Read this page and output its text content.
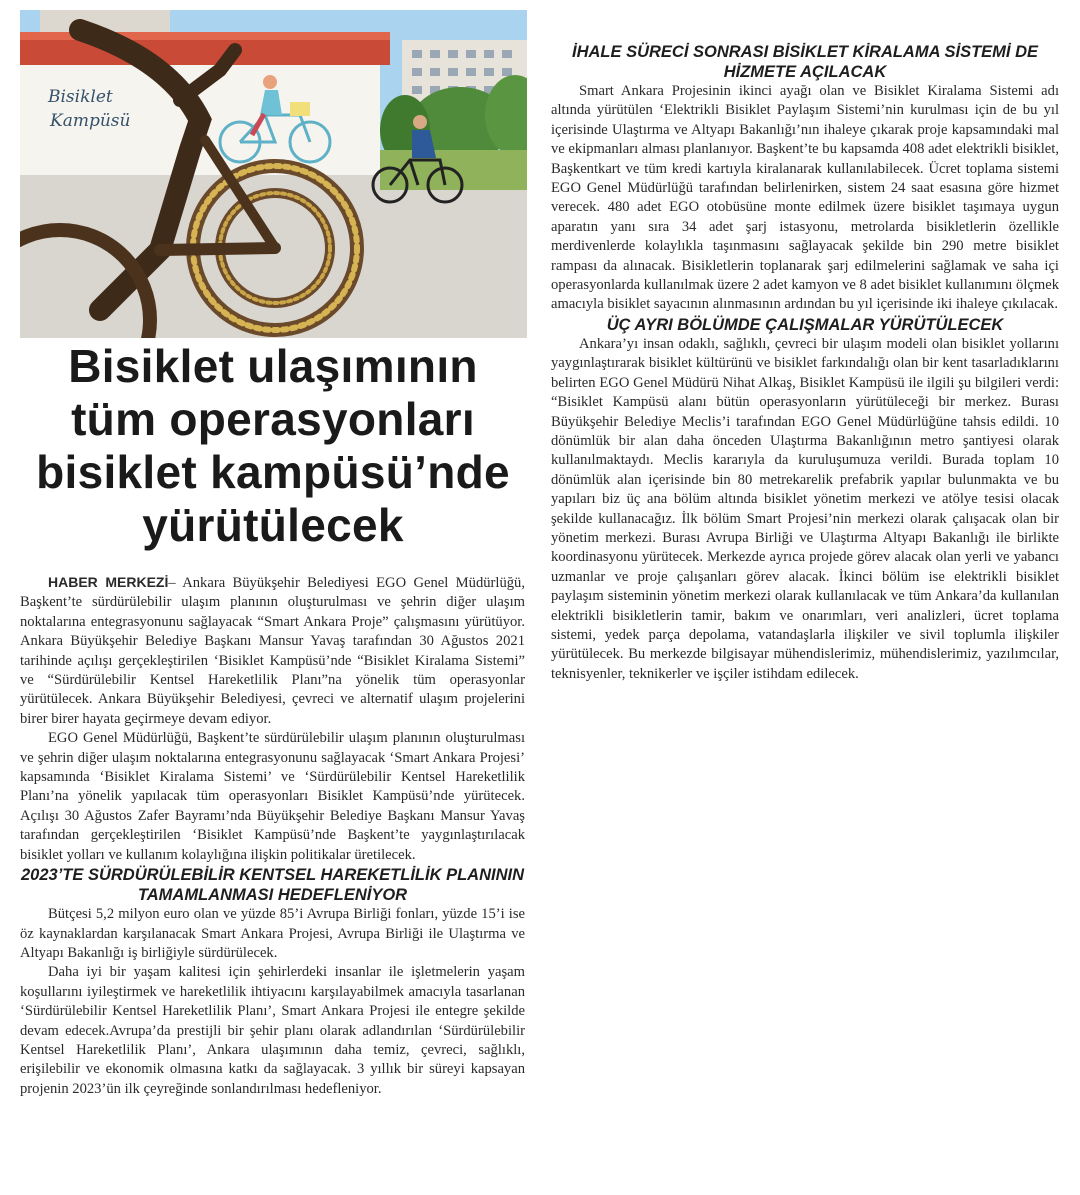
Bisiklet
Kampüsü
Bisiklet ulaşımının
tüm operasyonları
bisiklet kampüsü’nde
yürütülecek

HABER MERKEZİ– Ankara Büyükşehir Belediyesi EGO Genel Müdürlüğü, Başkent’te sürdürülebilir ulaşım planının oluşturulması ve şehrin diğer ulaşım noktalarına entegrasyonunu sağlayacak “Smart Ankara Proje” çalışmasını yürütüyor. Ankara Büyükşehir Belediye Başkanı Mansur Yavaş tarafından 30 Ağustos 2021 tarihinde açılışı gerçekleştirilen ‘Bisiklet Kampüsü’nde “Bisiklet Kiralama Sistemi” ve “Sürdürülebilir Kentsel Hareketlilik Planı”na yönelik tüm operasyonlar yürütülecek. Ankara Büyükşehir Belediyesi, çevreci ve alternatif ulaşım projelerini birer birer hayata geçirmeye devam ediyor.

EGO Genel Müdürlüğü, Başkent’te sürdürülebilir ulaşım planının oluşturulması ve şehrin diğer ulaşım noktalarına entegrasyonunu sağlayacak ‘Smart Ankara Projesi’ kapsamında ‘Bisiklet Kiralama Sistemi’ ve ‘Sürdürülebilir Kentsel Hareketlilik Planı’na yönelik yapılacak tüm operasyonları Bisiklet Kampüsü’nde yürütecek. Açılışı 30 Ağustos Zafer Bayramı’nda Büyükşehir Belediye Başkanı Mansur Yavaş tarafından gerçekleştirilen ‘Bisiklet Kampüsü’nde Başkent’te yaygınlaştırılacak bisiklet yolları ve kullanım kolaylığına ilişkin politikalar üretilecek.

2023’TE SÜRDÜRÜLEBİLİR KENTSEL HAREKETLİLİK PLANININ TAMAMLANMASI HEDEFLENİYOR

Bütçesi 5,2 milyon euro olan ve yüzde 85’i Avrupa Birliği fonları, yüzde 15’i ise öz kaynaklardan karşılanacak Smart Ankara Projesi, Avrupa Birliği ile Ulaştırma ve Altyapı Bakanlığı iş birliğiyle sürdürülecek.

Daha iyi bir yaşam kalitesi için şehirlerdeki insanlar ile işletmelerin yaşam koşullarını iyileştirmek ve hareketlilik ihtiyacını karşılayabilmek amacıyla tasarlanan ‘Sürdürülebilir Kentsel Hareketlilik Planı’, Smart Ankara Projesi ile entegre şekilde devam edecek.Avrupa’da prestijli bir şehir planı olarak adlandırılan ‘Sürdürülebilir Kentsel Hareketlilik Planı’, Ankara ulaşımının daha temiz, çevreci, sağlıklı, erişilebilir ve ekonomik olmasına katkı da sağlayacak. 3 yıllık bir süreyi kapsayan projenin 2023’ün ilk çeyreğinde sonlandırılması hedefleniyor.

İHALE SÜRECİ SONRASI BİSİKLET KİRALAMA SİSTEMİ DE HİZMETE AÇILACAK

Smart Ankara Projesinin ikinci ayağı olan ve Bisiklet Kiralama Sistemi adı altında yürütülen ‘Elektrikli Bisiklet Paylaşım Sistemi’nin kurulması için de bu yıl içerisinde Ulaştırma ve Altyapı Bakanlığı’nın ihaleye çıkarak proje kapsamındaki mal ve ekipmanları alması planlanıyor. Başkent’te bu kapsamda 408 adet elektrikli bisiklet, Başkentkart ve tüm kredi kartıyla kiralanarak kullanılabilecek. Ücret toplama sistemi EGO Genel Müdürlüğü tarafından belirlenirken, sistem 24 saat esasına göre hizmet verecek. 480 adet EGO otobüsüne monte edilmek üzere bisiklet taşımaya uygun aparatın yanı sıra 34 adet şarj istasyonu, metrolarda bisikletlerin özellikle merdivenlerde kolaylıkla taşınmasını sağlayacak şekilde bin 290 metre bisiklet rampası da alınacak. Bisikletlerin toplanarak şarj edilmelerini sağlamak ve saha içi operasyonlarda kullanılmak üzere 2 adet kamyon ve 8 adet bisiklet kullanımını ölçmek amacıyla bisiklet sayacının alınmasının ardından bu yıl içerisinde iki ihaleye çıkılacak.

ÜÇ AYRI BÖLÜMDE ÇALIŞMALAR YÜRÜTÜLECEK

Ankara’yı insan odaklı, sağlıklı, çevreci bir ulaşım modeli olan bisiklet yollarını yaygınlaştırarak bisiklet kültürünü ve bisiklet farkındalığı olan bir kent tasarladıklarını belirten EGO Genel Müdürü Nihat Alkaş, Bisiklet Kampüsü ile ilgili şu bilgileri verdi: “Bisiklet Kampüsü alanı bütün operasyonların yürütüleceği bir merkez. Burası Büyükşehir Belediye Meclis’i tarafından EGO Genel Müdürlüğüne tahsis edildi. 10 dönümlük bir alan daha önceden Ulaştırma Bakanlığının metro şantiyesi olarak kullanılmaktaydı. Meclis kararıyla da kuruluşumuza verildi. Burada toplam 10 dönümlük alan içerisinde bin 80 metrekarelik prefabrik yapılar bulunmakta ve bu yapıları biz üç ana bölüm altında bisiklet yönetim merkezi ve atölye tesisi olacak şekilde kullanacağız. İlk bölüm Smart Projesi’nin merkezi olarak çalışacak olan bir yönetim merkezi. Burası Avrupa Birliği ve Ulaştırma Altyapı Bakanlığı ile birlikte koordinasyonu yürütecek. Merkezde ayrıca projede görev alacak olan yerli ve yabancı uzmanlar ve proje çalışanları görev alacak. İkinci bölüm ise elektrikli bisiklet paylaşım sisteminin yönetim merkezi olarak kullanılacak ve tüm Ankara’da kullanılan elektrikli bisikletlerin tamir, bakım ve onarımları, veri analizleri, ücret toplama sistemi, yedek parça depolama, vatandaşlarla ilişkiler ve sivil toplumla ilişkiler yürütülecek. Bu merkezde bilgisayar mühendislerimiz, mühendislerimiz, yazılımcılar, teknisyenler, teknikerler ve işçiler istihdam edilecek.
